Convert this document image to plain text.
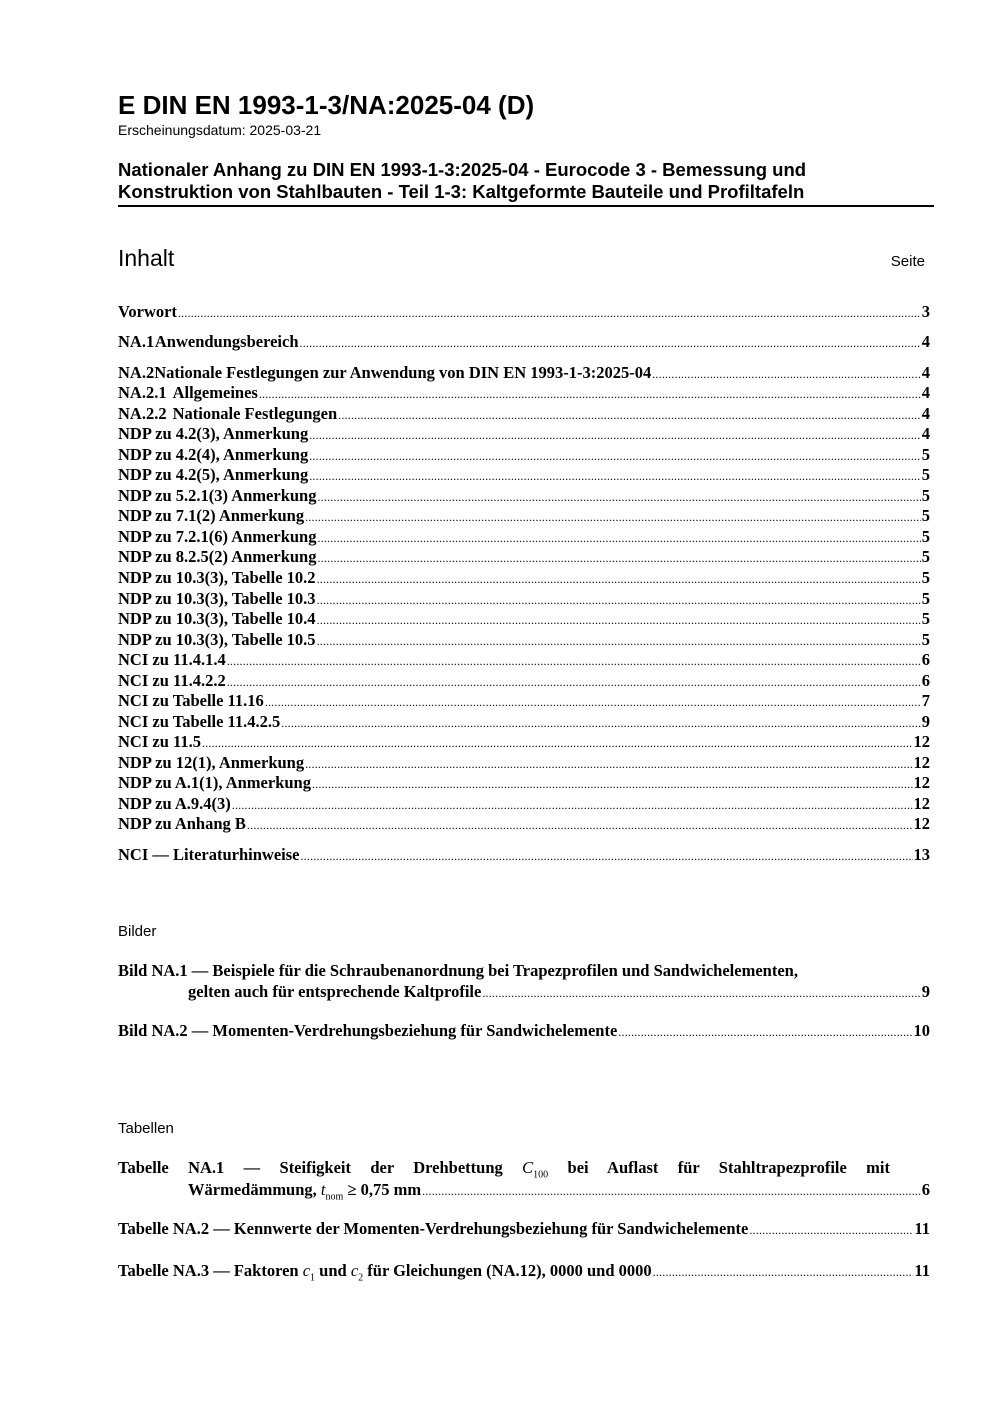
E DIN EN 1993-1-3/NA:2025-04 (D)
Erscheinungsdatum: 2025-03-21
Nationaler Anhang zu DIN EN 1993-1-3:2025-04 - Eurocode 3 - Bemessung und
Konstruktion von Stahlbauten - Teil 1-3: Kaltgeformte Bauteile und Profiltafeln
Inhalt	Seite
Vorwort .....	3
NA.1 Anwendungsbereich .....	4
NA.2 Nationale Festlegungen zur Anwendung von DIN EN 1993-1-3:2025-04 .....	4
NA.2.1 Allgemeines .....	4
NA.2.2 Nationale Festlegungen .....	4
NDP zu 4.2(3), Anmerkung .....	4
NDP zu 4.2(4), Anmerkung .....	5
NDP zu 4.2(5), Anmerkung .....	5
NDP zu 5.2.1(3) Anmerkung .....	5
NDP zu 7.1(2) Anmerkung .....	5
NDP zu 7.2.1(6) Anmerkung .....	5
NDP zu 8.2.5(2) Anmerkung .....	5
NDP zu 10.3(3), Tabelle 10.2 .....	5
NDP zu 10.3(3), Tabelle 10.3 .....	5
NDP zu 10.3(3), Tabelle 10.4 .....	5
NDP zu 10.3(3), Tabelle 10.5 .....	5
NCI zu 11.4.1.4 .....	6
NCI zu 11.4.2.2 .....	6
NCI zu Tabelle 11.16 .....	7
NCI zu Tabelle 11.4.2.5 .....	9
NCI zu 11.5 .....	12
NDP zu 12(1), Anmerkung .....	12
NDP zu A.1(1), Anmerkung .....	12
NDP zu A.9.4(3) .....	12
NDP zu Anhang B .....	12
NCI — Literaturhinweise .....	13
Bilder
Bild NA.1 — Beispiele für die Schraubenanordnung bei Trapezprofilen und Sandwichelementen,
gelten auch für entsprechende Kaltprofile .....	9
Bild NA.2 — Momenten-Verdrehungsbeziehung für Sandwichelemente .....	10
Tabellen
Tabelle NA.1 — Steifigkeit der Drehbettung $C_{100}$ bei Auflast für Stahltrapezprofile mit
Wärmedämmung, $t_{nom} \ge 0,75$ mm .....	6
Tabelle NA.2 — Kennwerte der Momenten-Verdrehungsbeziehung für Sandwichelemente .....	11
Tabelle NA.3 — Faktoren $c_1$ und $c_2$ für Gleichungen (NA.12), 0000 und 0000 .....	11
